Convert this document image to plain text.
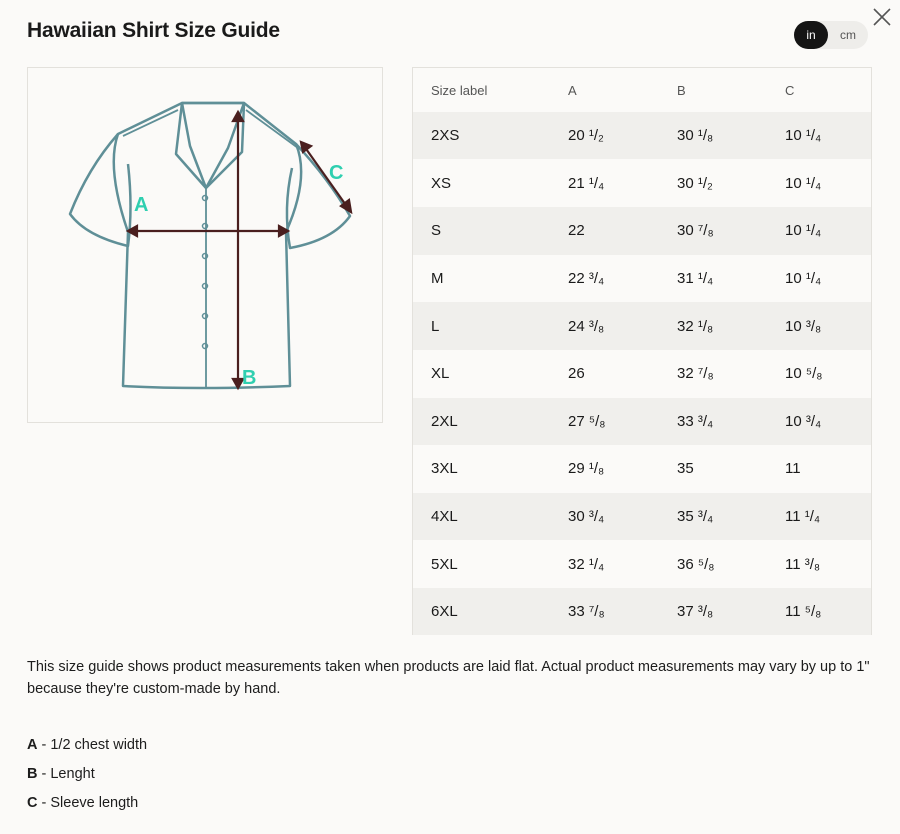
Hawaiian Shirt Size Guide	in	cm
A
B
C
Size label	A	B	C
2XS	20 ¹/₂	30 ¹/₈	10 ¹/₄
XS	21 ¹/₄	30 ¹/₂	10 ¹/₄
S	22	30 ⁷/₈	10 ¹/₄
M	22 ³/₄	31 ¹/₄	10 ¹/₄
L	24 ³/₈	32 ¹/₈	10 ³/₈
XL	26	32 ⁷/₈	10 ⁵/₈
2XL	27 ⁵/₈	33 ³/₄	10 ³/₄
3XL	29 ¹/₈	35	11
4XL	30 ³/₄	35 ³/₄	11 ¹/₄
5XL	32 ¹/₄	36 ⁵/₈	11 ³/₈
6XL	33 ⁷/₈	37 ³/₈	11 ⁵/₈
This size guide shows product measurements taken when products are laid flat. Actual product measurements may vary by up to 1" because they're custom-made by hand.
A - 1/2 chest width
B - Lenght
C - Sleeve length
